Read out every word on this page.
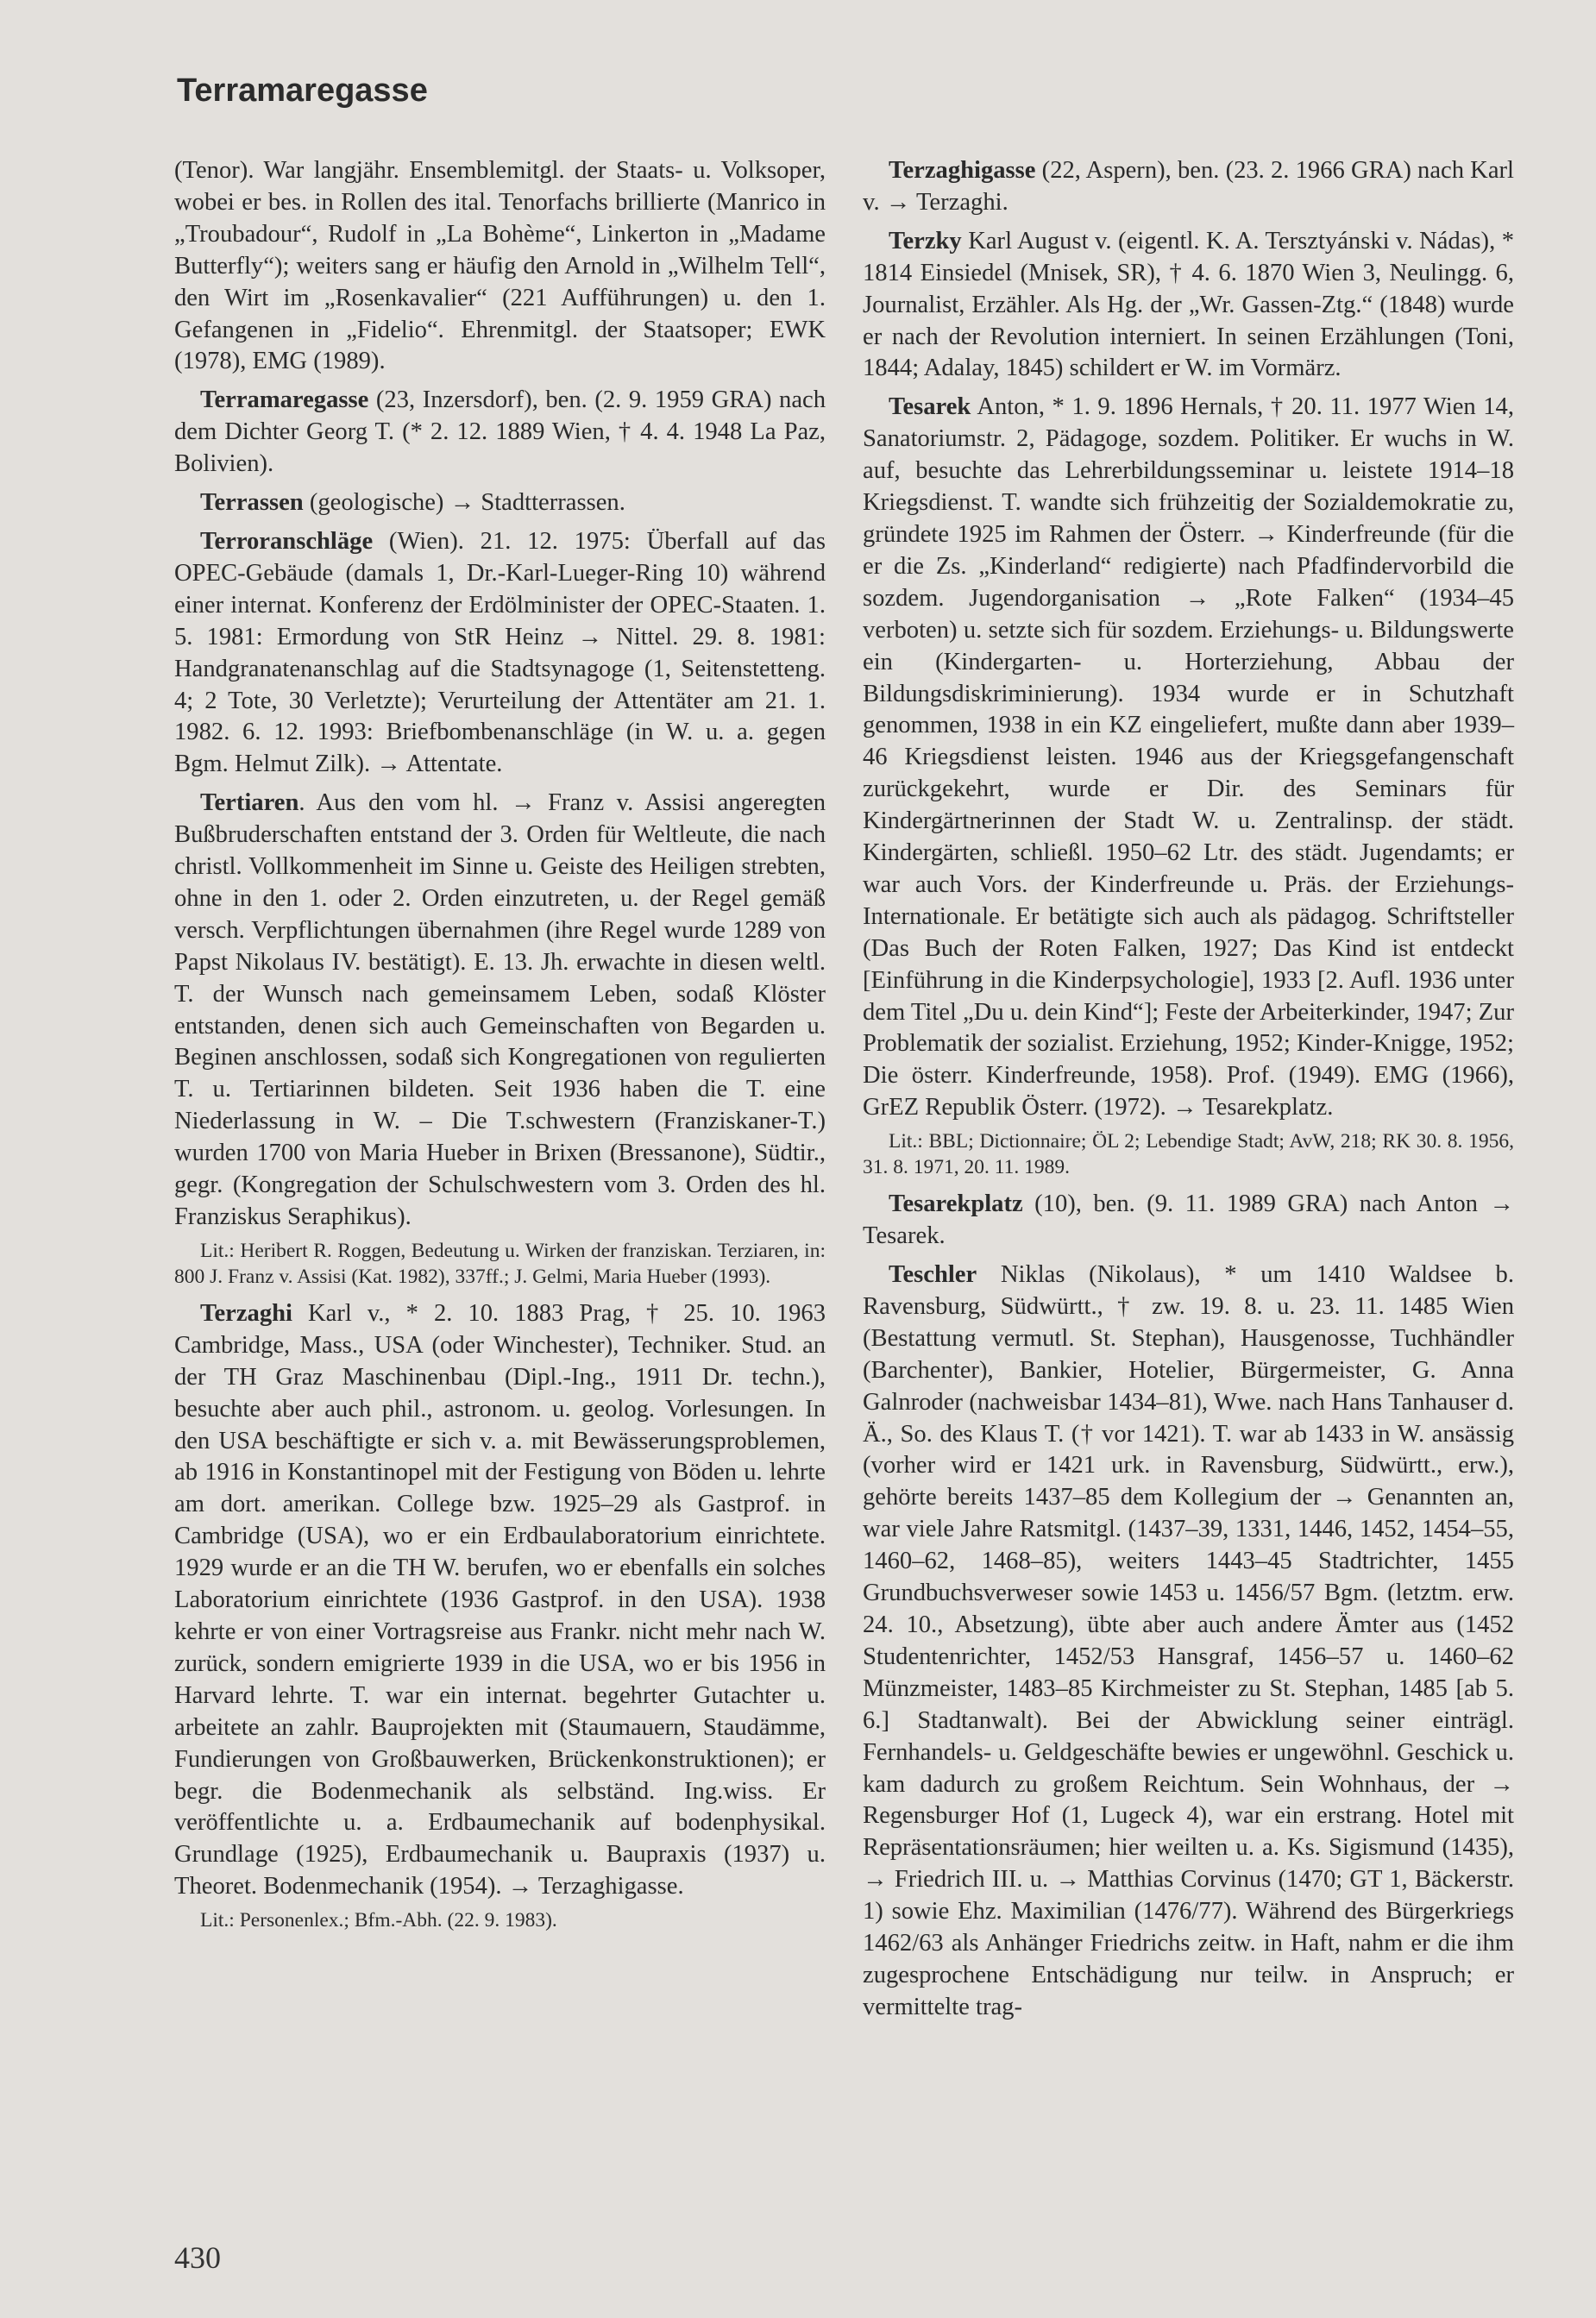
Terramaregasse

(Tenor). War langjähr. Ensemblemitgl. der Staats- u. Volksoper, wobei er bes. in Rollen des ital. Tenorfachs brillierte (Manrico in „Troubadour“, Rudolf in „La Bohème“, Linkerton in „Madame Butterfly“); weiters sang er häufig den Arnold in „Wilhelm Tell“, den Wirt im „Rosenkavalier“ (221 Aufführungen) u. den 1. Gefangenen in „Fidelio“. Ehrenmitgl. der Staatsoper; EWK (1978), EMG (1989).

Terramaregasse (23, Inzersdorf), ben. (2. 9. 1959 GRA) nach dem Dichter Georg T. (* 2. 12. 1889 Wien, † 4. 4. 1948 La Paz, Bolivien).

Terrassen (geologische) → Stadtterrassen.

Terroranschläge (Wien). 21. 12. 1975: Überfall auf das OPEC-Gebäude (damals 1, Dr.-Karl-Lueger-Ring 10) während einer internat. Konferenz der Erdölminister der OPEC-Staaten. 1. 5. 1981: Ermordung von StR Heinz → Nittel. 29. 8. 1981: Handgranatenanschlag auf die Stadtsynagoge (1, Seitenstetteng. 4; 2 Tote, 30 Verletzte); Verurteilung der Attentäter am 21. 1. 1982. 6. 12. 1993: Briefbombenanschläge (in W. u. a. gegen Bgm. Helmut Zilk). → Attentate.

Tertiaren. Aus den vom hl. → Franz v. Assisi angeregten Bußbruderschaften entstand der 3. Orden für Weltleute, die nach christl. Vollkommenheit im Sinne u. Geiste des Heiligen strebten, ohne in den 1. oder 2. Orden einzutreten, u. der Regel gemäß versch. Verpflichtungen übernahmen (ihre Regel wurde 1289 von Papst Nikolaus IV. bestätigt). E. 13. Jh. erwachte in diesen weltl. T. der Wunsch nach gemeinsamem Leben, sodaß Klöster entstanden, denen sich auch Gemeinschaften von Begarden u. Beginen anschlossen, sodaß sich Kongregationen von regulierten T. u. Tertiarinnen bildeten. Seit 1936 haben die T. eine Niederlassung in W. – Die T.schwestern (Franziskaner-T.) wurden 1700 von Maria Hueber in Brixen (Bressanone), Südtir., gegr. (Kongregation der Schulschwestern vom 3. Orden des hl. Franziskus Seraphikus).

Lit.: Heribert R. Roggen, Bedeutung u. Wirken der franziskan. Terziaren, in: 800 J. Franz v. Assisi (Kat. 1982), 337ff.; J. Gelmi, Maria Hueber (1993).

Terzaghi Karl v., * 2. 10. 1883 Prag, † 25. 10. 1963 Cambridge, Mass., USA (oder Winchester), Techniker. Stud. an der TH Graz Maschinenbau (Dipl.-Ing., 1911 Dr. techn.), besuchte aber auch phil., astronom. u. geolog. Vorlesungen. In den USA beschäftigte er sich v. a. mit Bewässerungsproblemen, ab 1916 in Konstantinopel mit der Festigung von Böden u. lehrte am dort. amerikan. College bzw. 1925–29 als Gastprof. in Cambridge (USA), wo er ein Erdbaulaboratorium einrichtete. 1929 wurde er an die TH W. berufen, wo er ebenfalls ein solches Laboratorium einrichtete (1936 Gastprof. in den USA). 1938 kehrte er von einer Vortragsreise aus Frankr. nicht mehr nach W. zurück, sondern emigrierte 1939 in die USA, wo er bis 1956 in Harvard lehrte. T. war ein internat. begehrter Gutachter u. arbeitete an zahlr. Bauprojekten mit (Staumauern, Staudämme, Fundierungen von Großbauwerken, Brückenkonstruktionen); er begr. die Bodenmechanik als selbständ. Ing.wiss. Er veröffentlichte u. a. Erdbaumechanik auf bodenphysikal. Grundlage (1925), Erdbaumechanik u. Baupraxis (1937) u. Theoret. Bodenmechanik (1954). → Terzaghigasse.

Lit.: Personenlex.; Bfm.-Abh. (22. 9. 1983).

Terzaghigasse (22, Aspern), ben. (23. 2. 1966 GRA) nach Karl v. → Terzaghi.

Terzky Karl August v. (eigentl. K. A. Tersztyánski v. Nádas), * 1814 Einsiedel (Mnisek, SR), † 4. 6. 1870 Wien 3, Neulingg. 6, Journalist, Erzähler. Als Hg. der „Wr. Gassen-Ztg.“ (1848) wurde er nach der Revolution interniert. In seinen Erzählungen (Toni, 1844; Adalay, 1845) schildert er W. im Vormärz.

Tesarek Anton, * 1. 9. 1896 Hernals, † 20. 11. 1977 Wien 14, Sanatoriumstr. 2, Pädagoge, sozdem. Politiker. Er wuchs in W. auf, besuchte das Lehrerbildungsseminar u. leistete 1914–18 Kriegsdienst. T. wandte sich frühzeitig der Sozialdemokratie zu, gründete 1925 im Rahmen der Österr. → Kinderfreunde (für die er die Zs. „Kinderland“ redigierte) nach Pfadfindervorbild die sozdem. Jugendorganisation → „Rote Falken“ (1934–45 verboten) u. setzte sich für sozdem. Erziehungs- u. Bildungswerte ein (Kindergarten- u. Horterziehung, Abbau der Bildungsdiskriminierung). 1934 wurde er in Schutzhaft genommen, 1938 in ein KZ eingeliefert, mußte dann aber 1939–46 Kriegsdienst leisten. 1946 aus der Kriegsgefangenschaft zurückgekehrt, wurde er Dir. des Seminars für Kindergärtnerinnen der Stadt W. u. Zentralinsp. der städt. Kindergärten, schließl. 1950–62 Ltr. des städt. Jugendamts; er war auch Vors. der Kinderfreunde u. Präs. der Erziehungs-Internationale. Er betätigte sich auch als pädagog. Schriftsteller (Das Buch der Roten Falken, 1927; Das Kind ist entdeckt [Einführung in die Kinderpsychologie], 1933 [2. Aufl. 1936 unter dem Titel „Du u. dein Kind“]; Feste der Arbeiterkinder, 1947; Zur Problematik der sozialist. Erziehung, 1952; Kinder-Knigge, 1952; Die österr. Kinderfreunde, 1958). Prof. (1949). EMG (1966), GrEZ Republik Österr. (1972). → Tesarekplatz.

Lit.: BBL; Dictionnaire; ÖL 2; Lebendige Stadt; AvW, 218; RK 30. 8. 1956, 31. 8. 1971, 20. 11. 1989.

Tesarekplatz (10), ben. (9. 11. 1989 GRA) nach Anton → Tesarek.

Teschler Niklas (Nikolaus), * um 1410 Waldsee b. Ravensburg, Südwürtt., † zw. 19. 8. u. 23. 11. 1485 Wien (Bestattung vermutl. St. Stephan), Hausgenosse, Tuchhändler (Barchenter), Bankier, Hotelier, Bürgermeister, G. Anna Galnroder (nachweisbar 1434–81), Wwe. nach Hans Tanhauser d. Ä., So. des Klaus T. († vor 1421). T. war ab 1433 in W. ansässig (vorher wird er 1421 urk. in Ravensburg, Südwürtt., erw.), gehörte bereits 1437–85 dem Kollegium der → Genannten an, war viele Jahre Ratsmitgl. (1437–39, 1331, 1446, 1452, 1454–55, 1460–62, 1468–85), weiters 1443–45 Stadtrichter, 1455 Grundbuchsverweser sowie 1453 u. 1456/57 Bgm. (letztm. erw. 24. 10., Absetzung), übte aber auch andere Ämter aus (1452 Studentenrichter, 1452/53 Hansgraf, 1456–57 u. 1460–62 Münzmeister, 1483–85 Kirchmeister zu St. Stephan, 1485 [ab 5. 6.] Stadtanwalt). Bei der Abwicklung seiner einträgl. Fernhandels- u. Geldgeschäfte bewies er ungewöhnl. Geschick u. kam dadurch zu großem Reichtum. Sein Wohnhaus, der → Regensburger Hof (1, Lugeck 4), war ein erstrang. Hotel mit Repräsentationsräumen; hier weilten u. a. Ks. Sigismund (1435), → Friedrich III. u. → Matthias Corvinus (1470; GT 1, Bäckerstr. 1) sowie Ehz. Maximilian (1476/77). Während des Bürgerkriegs 1462/63 als Anhänger Friedrichs zeitw. in Haft, nahm er die ihm zugesprochene Entschädigung nur teilw. in Anspruch; er vermittelte trag-

430
